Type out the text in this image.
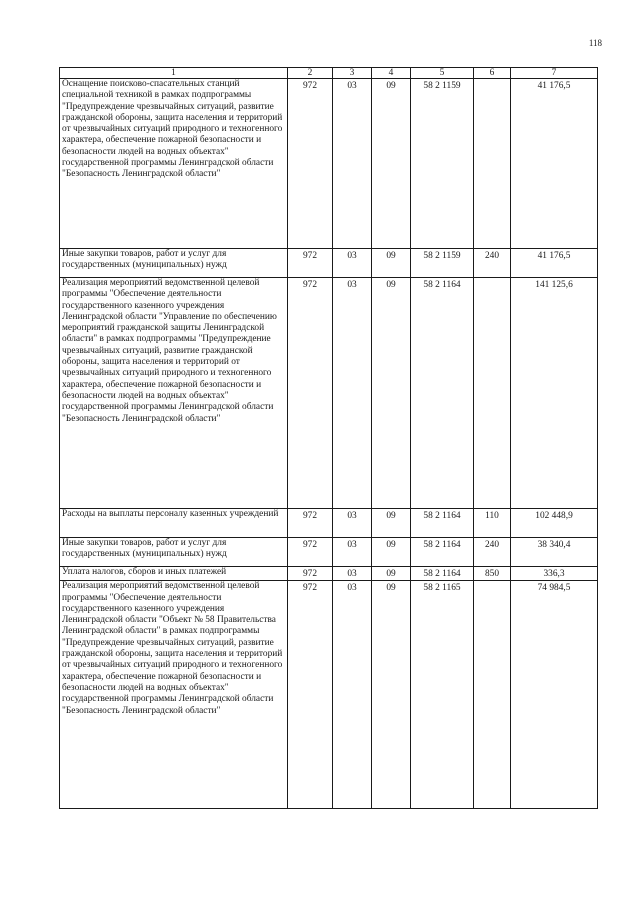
118
1	2	3	4	5	6	7
Оснащение поисково-спасательных станций специальной техникой в рамках подпрограммы "Предупреждение чрезвычайных ситуаций, развитие гражданской обороны, защита населения и территорий от чрезвычайных ситуаций природного и техногенного характера, обеспечение пожарной безопасности и безопасности людей на водных объектах" государственной программы Ленинградской области "Безопасность Ленинградской области"	972	03	09	58 2 1159		41 176,5
Иные закупки товаров, работ и услуг для государственных (муниципальных) нужд	972	03	09	58 2 1159	240	41 176,5
Реализация мероприятий ведомственной целевой программы "Обеспечение деятельности государственного казенного учреждения Ленинградской области "Управление по обеспечению мероприятий гражданской защиты Ленинградской области" в рамках подпрограммы "Предупреждение чрезвычайных ситуаций, развитие гражданской обороны, защита населения и территорий от чрезвычайных ситуаций природного и техногенного характера, обеспечение пожарной безопасности и безопасности людей на водных объектах" государственной программы Ленинградской области "Безопасность Ленинградской области"	972	03	09	58 2 1164		141 125,6
Расходы на выплаты персоналу казенных учреждений	972	03	09	58 2 1164	110	102 448,9
Иные закупки товаров, работ и услуг для государственных (муниципальных) нужд	972	03	09	58 2 1164	240	38 340,4
Уплата налогов, сборов и иных платежей	972	03	09	58 2 1164	850	336,3
Реализация мероприятий ведомственной целевой программы "Обеспечение деятельности государственного казенного учреждения Ленинградской области "Объект № 58 Правительства Ленинградской области" в рамках подпрограммы "Предупреждение чрезвычайных ситуаций, развитие гражданской обороны, защита населения и территорий от чрезвычайных ситуаций природного и техногенного характера, обеспечение пожарной безопасности и безопасности людей на водных объектах" государственной программы Ленинградской области "Безопасность Ленинградской области"	972	03	09	58 2 1165		74 984,5
